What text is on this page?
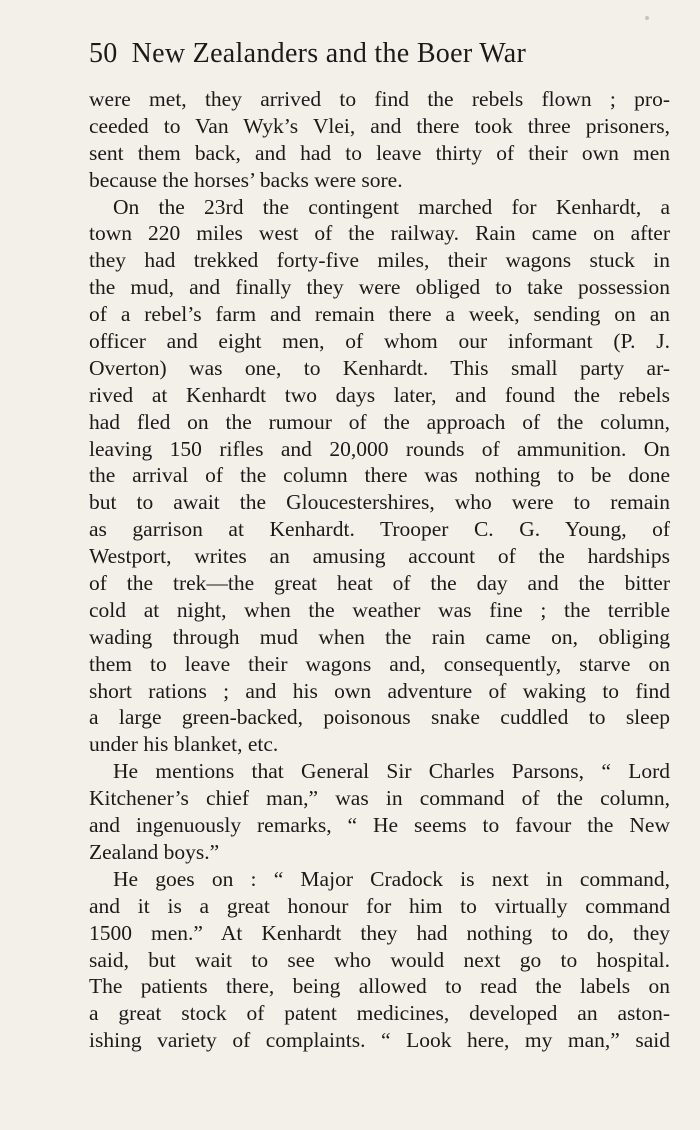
50 New Zealanders and the Boer War
were met, they arrived to find the rebels flown ; pro-
ceeded to Van Wyk’s Vlei, and there took three prisoners,
sent them back, and had to leave thirty of their own men
because the horses’ backs were sore.
On the 23rd the contingent marched for Kenhardt, a
town 220 miles west of the railway. Rain came on after
they had trekked forty-five miles, their wagons stuck in
the mud, and finally they were obliged to take possession
of a rebel’s farm and remain there a week, sending on an
officer and eight men, of whom our informant (P. J.
Overton) was one, to Kenhardt. This small party ar-
rived at Kenhardt two days later, and found the rebels
had fled on the rumour of the approach of the column,
leaving 150 rifles and 20,000 rounds of ammunition. On
the arrival of the column there was nothing to be done
but to await the Gloucestershires, who were to remain
as garrison at Kenhardt. Trooper C. G. Young, of
Westport, writes an amusing account of the hardships
of the trek—the great heat of the day and the bitter
cold at night, when the weather was fine ; the terrible
wading through mud when the rain came on, obliging
them to leave their wagons and, consequently, starve on
short rations ; and his own adventure of waking to find
a large green-backed, poisonous snake cuddled to sleep
under his blanket, etc.
He mentions that General Sir Charles Parsons, “ Lord
Kitchener’s chief man,” was in command of the column,
and ingenuously remarks, “ He seems to favour the New
Zealand boys.”
He goes on : “ Major Cradock is next in command,
and it is a great honour for him to virtually command
1500 men.” At Kenhardt they had nothing to do, they
said, but wait to see who would next go to hospital.
The patients there, being allowed to read the labels on
a great stock of patent medicines, developed an aston-
ishing variety of complaints. “ Look here, my man,” said
